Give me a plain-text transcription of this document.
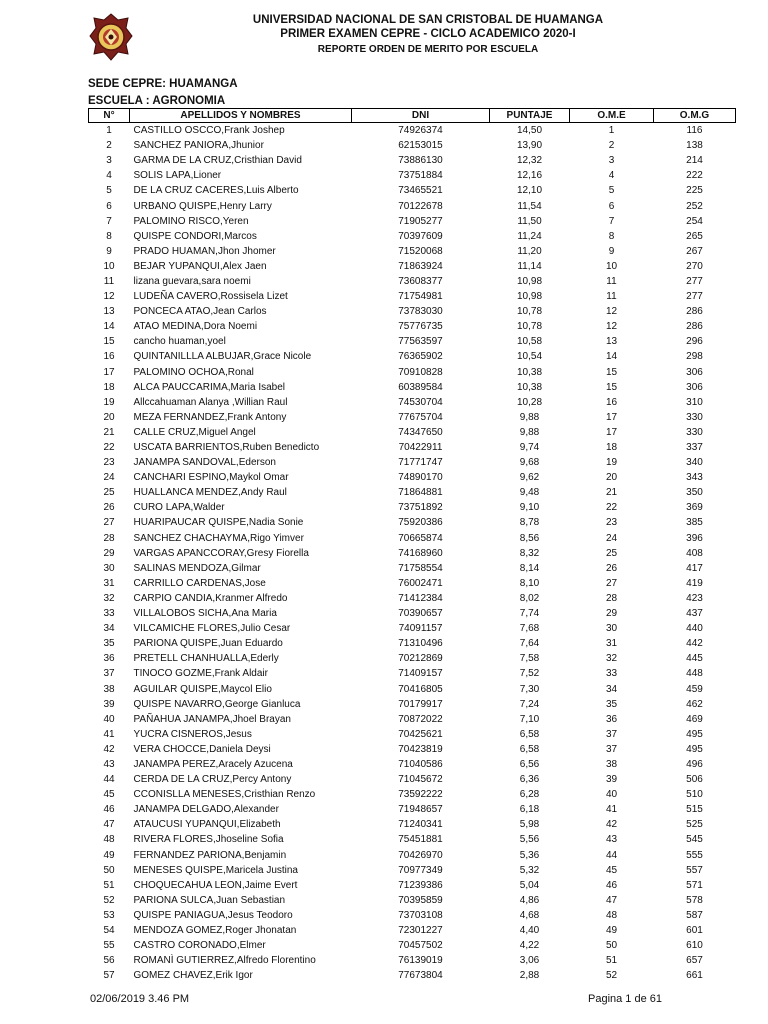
UNIVERSIDAD NACIONAL DE SAN CRISTOBAL DE HUAMANGA
PRIMER EXAMEN CEPRE - CICLO ACADEMICO 2020-I
REPORTE ORDEN DE MERITO POR ESCUELA
SEDE CEPRE: HUAMANGA
ESCUELA : AGRONOMIA
N°	APELLIDOS Y NOMBRES	DNI	PUNTAJE	O.M.E	O.M.G
1	CASTILLO OSCCO,Frank Joshep	74926374	14,50	1	116
2	SANCHEZ PANIORA,Jhunior	62153015	13,90	2	138
3	GARMA DE LA CRUZ,Cristhian David	73886130	12,32	3	214
4	SOLIS LAPA,Lioner	73751884	12,16	4	222
5	DE LA CRUZ CACERES,Luis Alberto	73465521	12,10	5	225
6	URBANO QUISPE,Henry Larry	70122678	11,54	6	252
7	PALOMINO RISCO,Yeren	71905277	11,50	7	254
8	QUISPE CONDORI,Marcos	70397609	11,24	8	265
9	PRADO HUAMAN,Jhon Jhomer	71520068	11,20	9	267
10	BEJAR YUPANQUI,Alex Jaen	71863924	11,14	10	270
11	lizana guevara,sara noemi	73608377	10,98	11	277
12	LUDEÑA CAVERO,Rossisela Lizet	71754981	10,98	11	277
13	PONCECA ATAO,Jean Carlos	73783030	10,78	12	286
14	ATAO MEDINA,Dora Noemi	75776735	10,78	12	286
15	cancho huaman,yoel	77563597	10,58	13	296
16	QUINTANILLLA ALBUJAR,Grace Nicole	76365902	10,54	14	298
17	PALOMINO OCHOA,Ronal	70910828	10,38	15	306
18	ALCA PAUCCARIMA,Maria Isabel	60389584	10,38	15	306
19	Allccahuaman Alanya ,Willian Raul	74530704	10,28	16	310
20	MEZA FERNANDEZ,Frank Antony	77675704	9,88	17	330
21	CALLE CRUZ,Miguel Angel	74347650	9,88	17	330
22	USCATA BARRIENTOS,Ruben Benedicto	70422911	9,74	18	337
23	JANAMPA SANDOVAL,Ederson	71771747	9,68	19	340
24	CANCHARI ESPINO,Maykol Omar	74890170	9,62	20	343
25	HUALLANCA MENDEZ,Andy Raul	71864881	9,48	21	350
26	CURO LAPA,Walder	73751892	9,10	22	369
27	HUARIPAUCAR QUISPE,Nadia Sonie	75920386	8,78	23	385
28	SANCHEZ CHACHAYMA,Rigo Yimver	70665874	8,56	24	396
29	VARGAS APANCCORAY,Gresy Fiorella	74168960	8,32	25	408
30	SALINAS MENDOZA,Gilmar	71758554	8,14	26	417
31	CARRILLO CARDENAS,Jose	76002471	8,10	27	419
32	CARPIO CANDIA,Kranmer Alfredo	71412384	8,02	28	423
33	VILLALOBOS SICHA,Ana Maria	70390657	7,74	29	437
34	VILCAMICHE FLORES,Julio Cesar	74091157	7,68	30	440
35	PARIONA QUISPE,Juan Eduardo	71310496	7,64	31	442
36	PRETELL CHANHUALLA,Ederly	70212869	7,58	32	445
37	TINOCO GOZME,Frank Aldair	71409157	7,52	33	448
38	AGUILAR QUISPE,Maycol Elio	70416805	7,30	34	459
39	QUISPE NAVARRO,George Gianluca	70179917	7,24	35	462
40	PAÑAHUA JANAMPA,Jhoel Brayan	70872022	7,10	36	469
41	YUCRA CISNEROS,Jesus	70425621	6,58	37	495
42	VERA CHOCCE,Daniela Deysi	70423819	6,58	37	495
43	JANAMPA PEREZ,Aracely Azucena	71040586	6,56	38	496
44	CERDA DE LA CRUZ,Percy Antony	71045672	6,36	39	506
45	CCONISLLA MENESES,Cristhian Renzo	73592222	6,28	40	510
46	JANAMPA DELGADO,Alexander	71948657	6,18	41	515
47	ATAUCUSI YUPANQUI,Elizabeth	71240341	5,98	42	525
48	RIVERA FLORES,Jhoseline Sofia	75451881	5,56	43	545
49	FERNANDEZ PARIONA,Benjamin	70426970	5,36	44	555
50	MENESES QUISPE,Maricela Justina	70977349	5,32	45	557
51	CHOQUECAHUA LEON,Jaime Evert	71239386	5,04	46	571
52	PARIONA SULCA,Juan Sebastian	70395859	4,86	47	578
53	QUISPE PANIAGUA,Jesus Teodoro	73703108	4,68	48	587
54	MENDOZA GOMEZ,Roger Jhonatan	72301227	4,40	49	601
55	CASTRO CORONADO,Elmer	70457502	4,22	50	610
56	ROMANÌ GUTIERREZ,Alfredo Florentino	76139019	3,06	51	657
57	GOMEZ CHAVEZ,Erik Igor	77673804	2,88	52	661
02/06/2019 3.46 PM	Pagina 1 de 61
